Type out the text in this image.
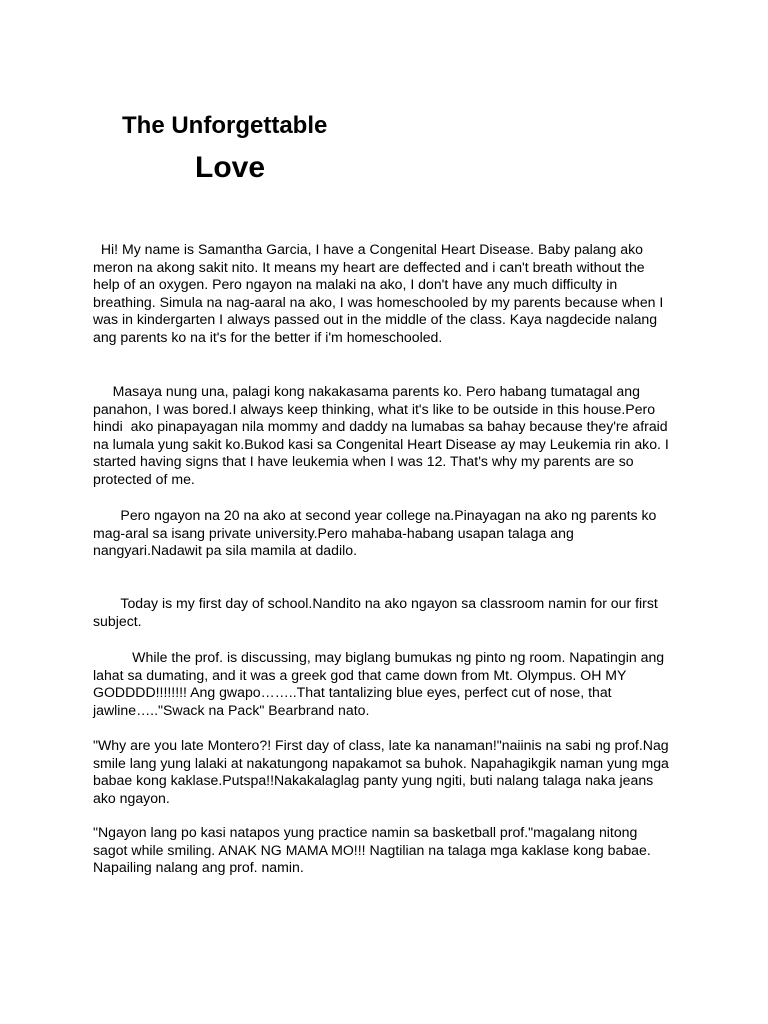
The Unforgettable
Love

Hi! My name is Samantha Garcia, I have a Congenital Heart Disease. Baby palang ako meron na akong sakit nito. It means my heart are deffected and i can't breath without the help of an oxygen. Pero ngayon na malaki na ako, I don't have any much difficulty in breathing. Simula na nag-aaral na ako, I was homeschooled by my parents because when I was in kindergarten I always passed out in the middle of the class. Kaya nagdecide nalang ang parents ko na it's for the better if i'm homeschooled.

Masaya nung una, palagi kong nakakasama parents ko. Pero habang tumatagal ang panahon, I was bored.I always keep thinking, what it's like to be outside in this house.Pero hindi  ako pinapayagan nila mommy and daddy na lumabas sa bahay because they're afraid na lumala yung sakit ko.Bukod kasi sa Congenital Heart Disease ay may Leukemia rin ako. I started having signs that I have leukemia when I was 12. That's why my parents are so protected of me.

Pero ngayon na 20 na ako at second year college na.Pinayagan na ako ng parents ko mag-aral sa isang private university.Pero mahaba-habang usapan talaga ang nangyari.Nadawit pa sila mamila at dadilo.

Today is my first day of school.Nandito na ako ngayon sa classroom namin for our first subject.

While the prof. is discussing, may biglang bumukas ng pinto ng room. Napatingin ang lahat sa dumating, and it was a greek god that came down from Mt. Olympus. OH MY GODDDD!!!!!!!! Ang gwapo……..That tantalizing blue eyes, perfect cut of nose, that jawline….."Swack na Pack" Bearbrand nato.

"Why are you late Montero?! First day of class, late ka nanaman!"naiinis na sabi ng prof.Nag smile lang yung lalaki at nakatungong napakamot sa buhok. Napahagikgik naman yung mga babae kong kaklase.Putspa!!Nakakalaglag panty yung ngiti, buti nalang talaga naka jeans ako ngayon.

"Ngayon lang po kasi natapos yung practice namin sa basketball prof."magalang nitong sagot while smiling. ANAK NG MAMA MO!!! Nagtilian na talaga mga kaklase kong babae. Napailing nalang ang prof. namin.
